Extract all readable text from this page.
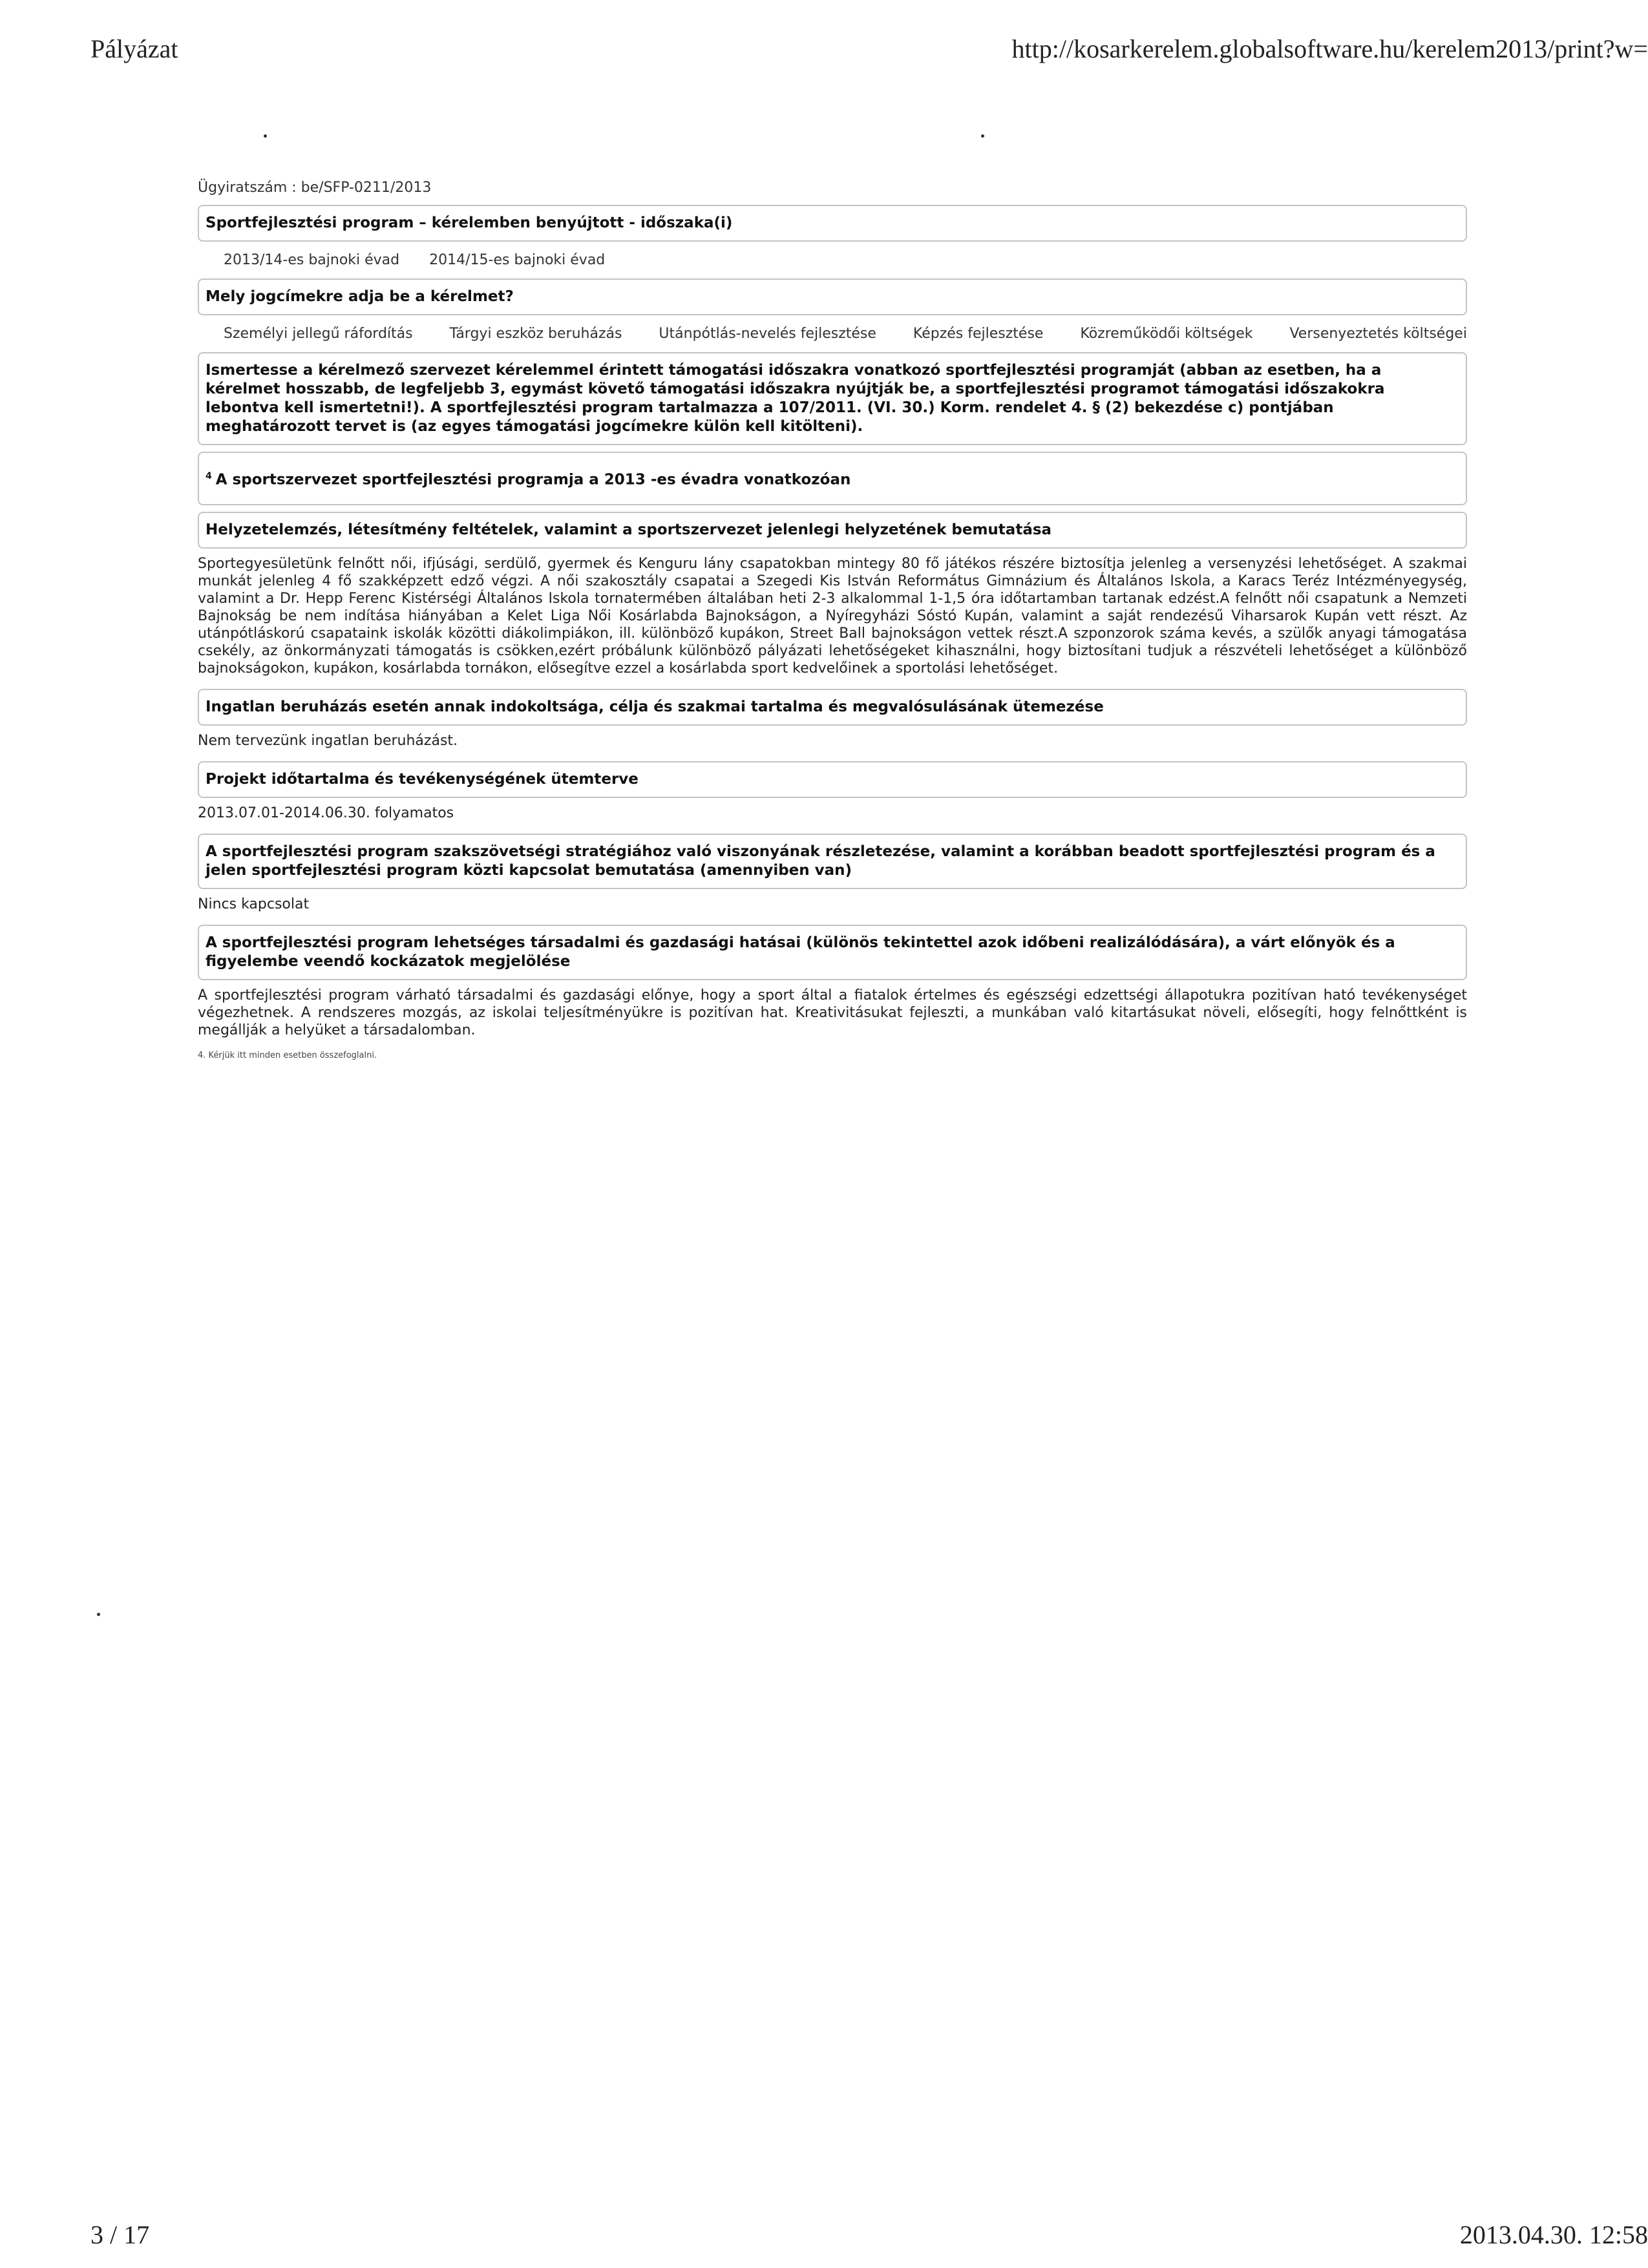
Pályázat	http://kosarkerelem.globalsoftware.hu/kerelem2013/print?w=
Ügyiratszám : be/SFP-0211/2013
Sportfejlesztési program – kérelemben benyújtott - időszaka(i)
2013/14-es bajnoki évad 2014/15-es bajnoki évad
Mely jogcímekre adja be a kérelmet?
Személyi jellegű ráfordítás	Tárgyi eszköz beruházás	Utánpótlás-nevelés fejlesztése	Képzés fejlesztése	Közreműködői költségek	Versenyeztetés költségei
Ismertesse a kérelmező szervezet kérelemmel érintett támogatási időszakra vonatkozó sportfejlesztési programját (abban az esetben, ha a kérelmet hosszabb, de legfeljebb 3, egymást követő támogatási időszakra nyújtják be, a sportfejlesztési programot támogatási időszakokra lebontva kell ismertetni!). A sportfejlesztési program tartalmazza a 107/2011. (VI. 30.) Korm. rendelet 4. § (2) bekezdése c) pontjában meghatározott tervet is (az egyes támogatási jogcímekre külön kell kitölteni).
$^4$ A sportszervezet sportfejlesztési programja a 2013 -es évadra vonatkozóan
Helyzetelemzés, létesítmény feltételek, valamint a sportszervezet jelenlegi helyzetének bemutatása

Sportegyesületünk felnőtt női, ifjúsági, serdülő, gyermek és Kenguru lány csapatokban mintegy 80 fő játékos részére biztosítja jelenleg a versenyzési lehetőséget. A szakmai munkát jelenleg 4 fő szakképzett edző végzi. A női szakosztály csapatai a Szegedi Kis István Református Gimnázium és Általános Iskola, a Karacs Teréz Intézményegység, valamint a Dr. Hepp Ferenc Kistérségi Általános Iskola tornatermében általában heti 2-3 alkalommal 1-1,5 óra időtartamban tartanak edzést.A felnőtt női csapatunk a Nemzeti Bajnokság be nem indítása hiányában a Kelet Liga Női Kosárlabda Bajnokságon, a Nyíregyházi Sóstó Kupán, valamint a saját rendezésű Viharsarok Kupán vett részt. Az utánpótláskorú csapataink iskolák közötti diákolimpiákon, ill. különböző kupákon, Street Ball bajnokságon vettek részt.A szponzorok száma kevés, a szülők anyagi támogatása csekély, az önkormányzati támogatás is csökken,ezért próbálunk különböző pályázati lehetőségeket kihasználni, hogy biztosítani tudjuk a részvételi lehetőséget a különböző bajnokságokon, kupákon, kosárlabda tornákon, elősegítve ezzel a kosárlabda sport kedvelőinek a sportolási lehetőséget.

Ingatlan beruházás esetén annak indokoltsága, célja és szakmai tartalma és megvalósulásának ütemezése

Nem tervezünk ingatlan beruházást.

Projekt időtartalma és tevékenységének ütemterve

2013.07.01-2014.06.30. folyamatos

A sportfejlesztési program szakszövetségi stratégiához való viszonyának részletezése, valamint a korábban beadott sportfejlesztési program és a jelen sportfejlesztési program közti kapcsolat bemutatása (amennyiben van)

Nincs kapcsolat

A sportfejlesztési program lehetséges társadalmi és gazdasági hatásai (különös tekintettel azok időbeni realizálódására), a várt előnyök és a figyelembe veendő kockázatok megjelölése

A sportfejlesztési program várható társadalmi és gazdasági előnye, hogy a sport által a fiatalok értelmes és egészségi edzettségi állapotukra pozitívan ható tevékenységet végezhetnek. A rendszeres mozgás, az iskolai teljesítményükre is pozitívan hat. Kreativitásukat fejleszti, a munkában való kitartásukat növeli, elősegíti, hogy felnőttként is megállják a helyüket a társadalomban.

4. Kérjük itt minden esetben összefoglalni.
3 / 17	2013.04.30. 12:58
